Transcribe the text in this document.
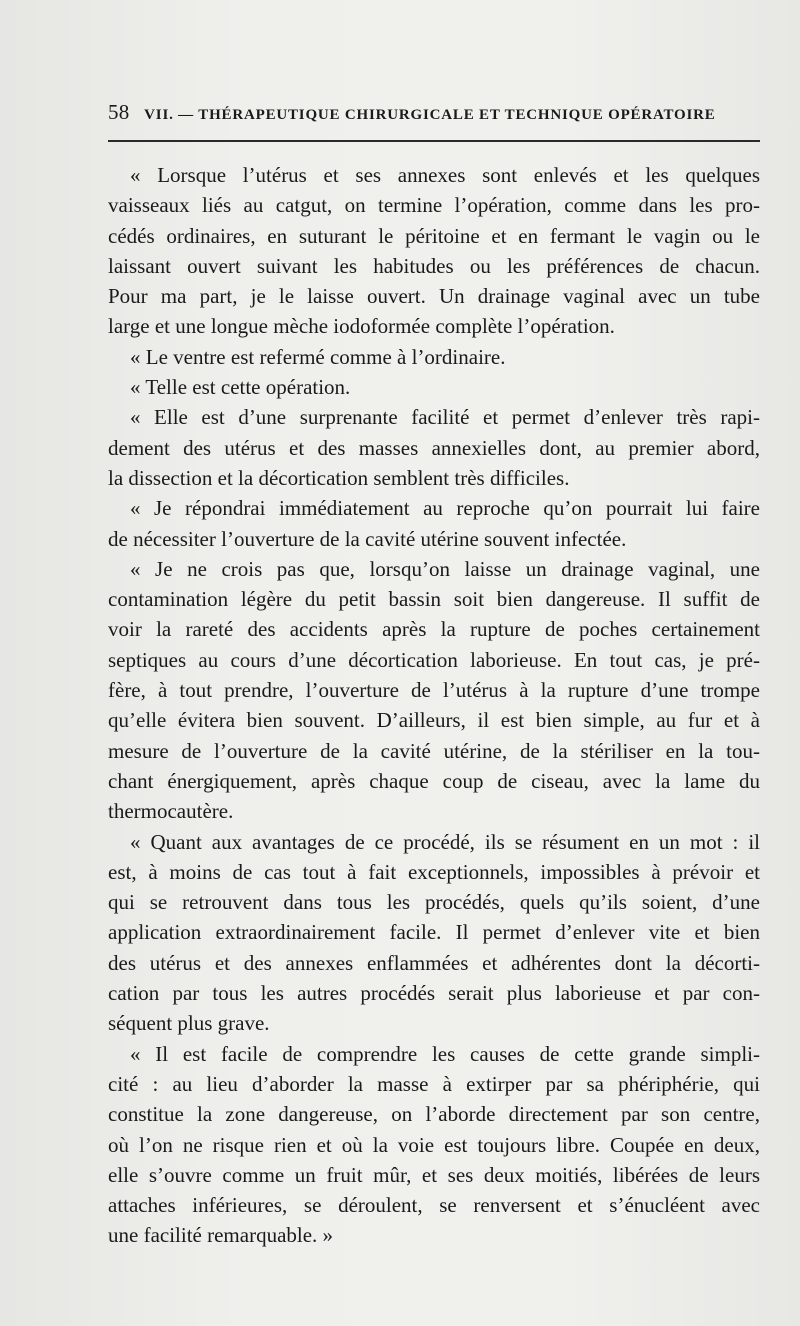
58 VII. — THÉRAPEUTIQUE CHIRURGICALE ET TECHNIQUE OPÉRATOIRE
« Lorsque l’utérus et ses annexes sont enlevés et les quelques
vaisseaux liés au catgut, on termine l’opération, comme dans les pro-
cédés ordinaires, en suturant le péritoine et en fermant le vagin ou le
laissant ouvert suivant les habitudes ou les préférences de chacun.
Pour ma part, je le laisse ouvert. Un drainage vaginal avec un tube
large et une longue mèche iodoformée complète l’opération.
« Le ventre est refermé comme à l’ordinaire.
« Telle est cette opération.
« Elle est d’une surprenante facilité et permet d’enlever très rapi-
dement des utérus et des masses annexielles dont, au premier abord,
la dissection et la décortication semblent très difficiles.
« Je répondrai immédiatement au reproche qu’on pourrait lui faire
de nécessiter l’ouverture de la cavité utérine souvent infectée.
« Je ne crois pas que, lorsqu’on laisse un drainage vaginal, une
contamination légère du petit bassin soit bien dangereuse. Il suffit de
voir la rareté des accidents après la rupture de poches certainement
septiques au cours d’une décortication laborieuse. En tout cas, je pré-
fère, à tout prendre, l’ouverture de l’utérus à la rupture d’une trompe
qu’elle évitera bien souvent. D’ailleurs, il est bien simple, au fur et à
mesure de l’ouverture de la cavité utérine, de la stériliser en la tou-
chant énergiquement, après chaque coup de ciseau, avec la lame du
thermocautère.
« Quant aux avantages de ce procédé, ils se résument en un mot : il
est, à moins de cas tout à fait exceptionnels, impossibles à prévoir et
qui se retrouvent dans tous les procédés, quels qu’ils soient, d’une
application extraordinairement facile. Il permet d’enlever vite et bien
des utérus et des annexes enflammées et adhérentes dont la décorti-
cation par tous les autres procédés serait plus laborieuse et par con-
séquent plus grave.
« Il est facile de comprendre les causes de cette grande simpli-
cité : au lieu d’aborder la masse à extirper par sa phériphérie, qui
constitue la zone dangereuse, on l’aborde directement par son centre,
où l’on ne risque rien et où la voie est toujours libre. Coupée en deux,
elle s’ouvre comme un fruit mûr, et ses deux moitiés, libérées de leurs
attaches inférieures, se déroulent, se renversent et s’énucléent avec
une facilité remarquable. »
